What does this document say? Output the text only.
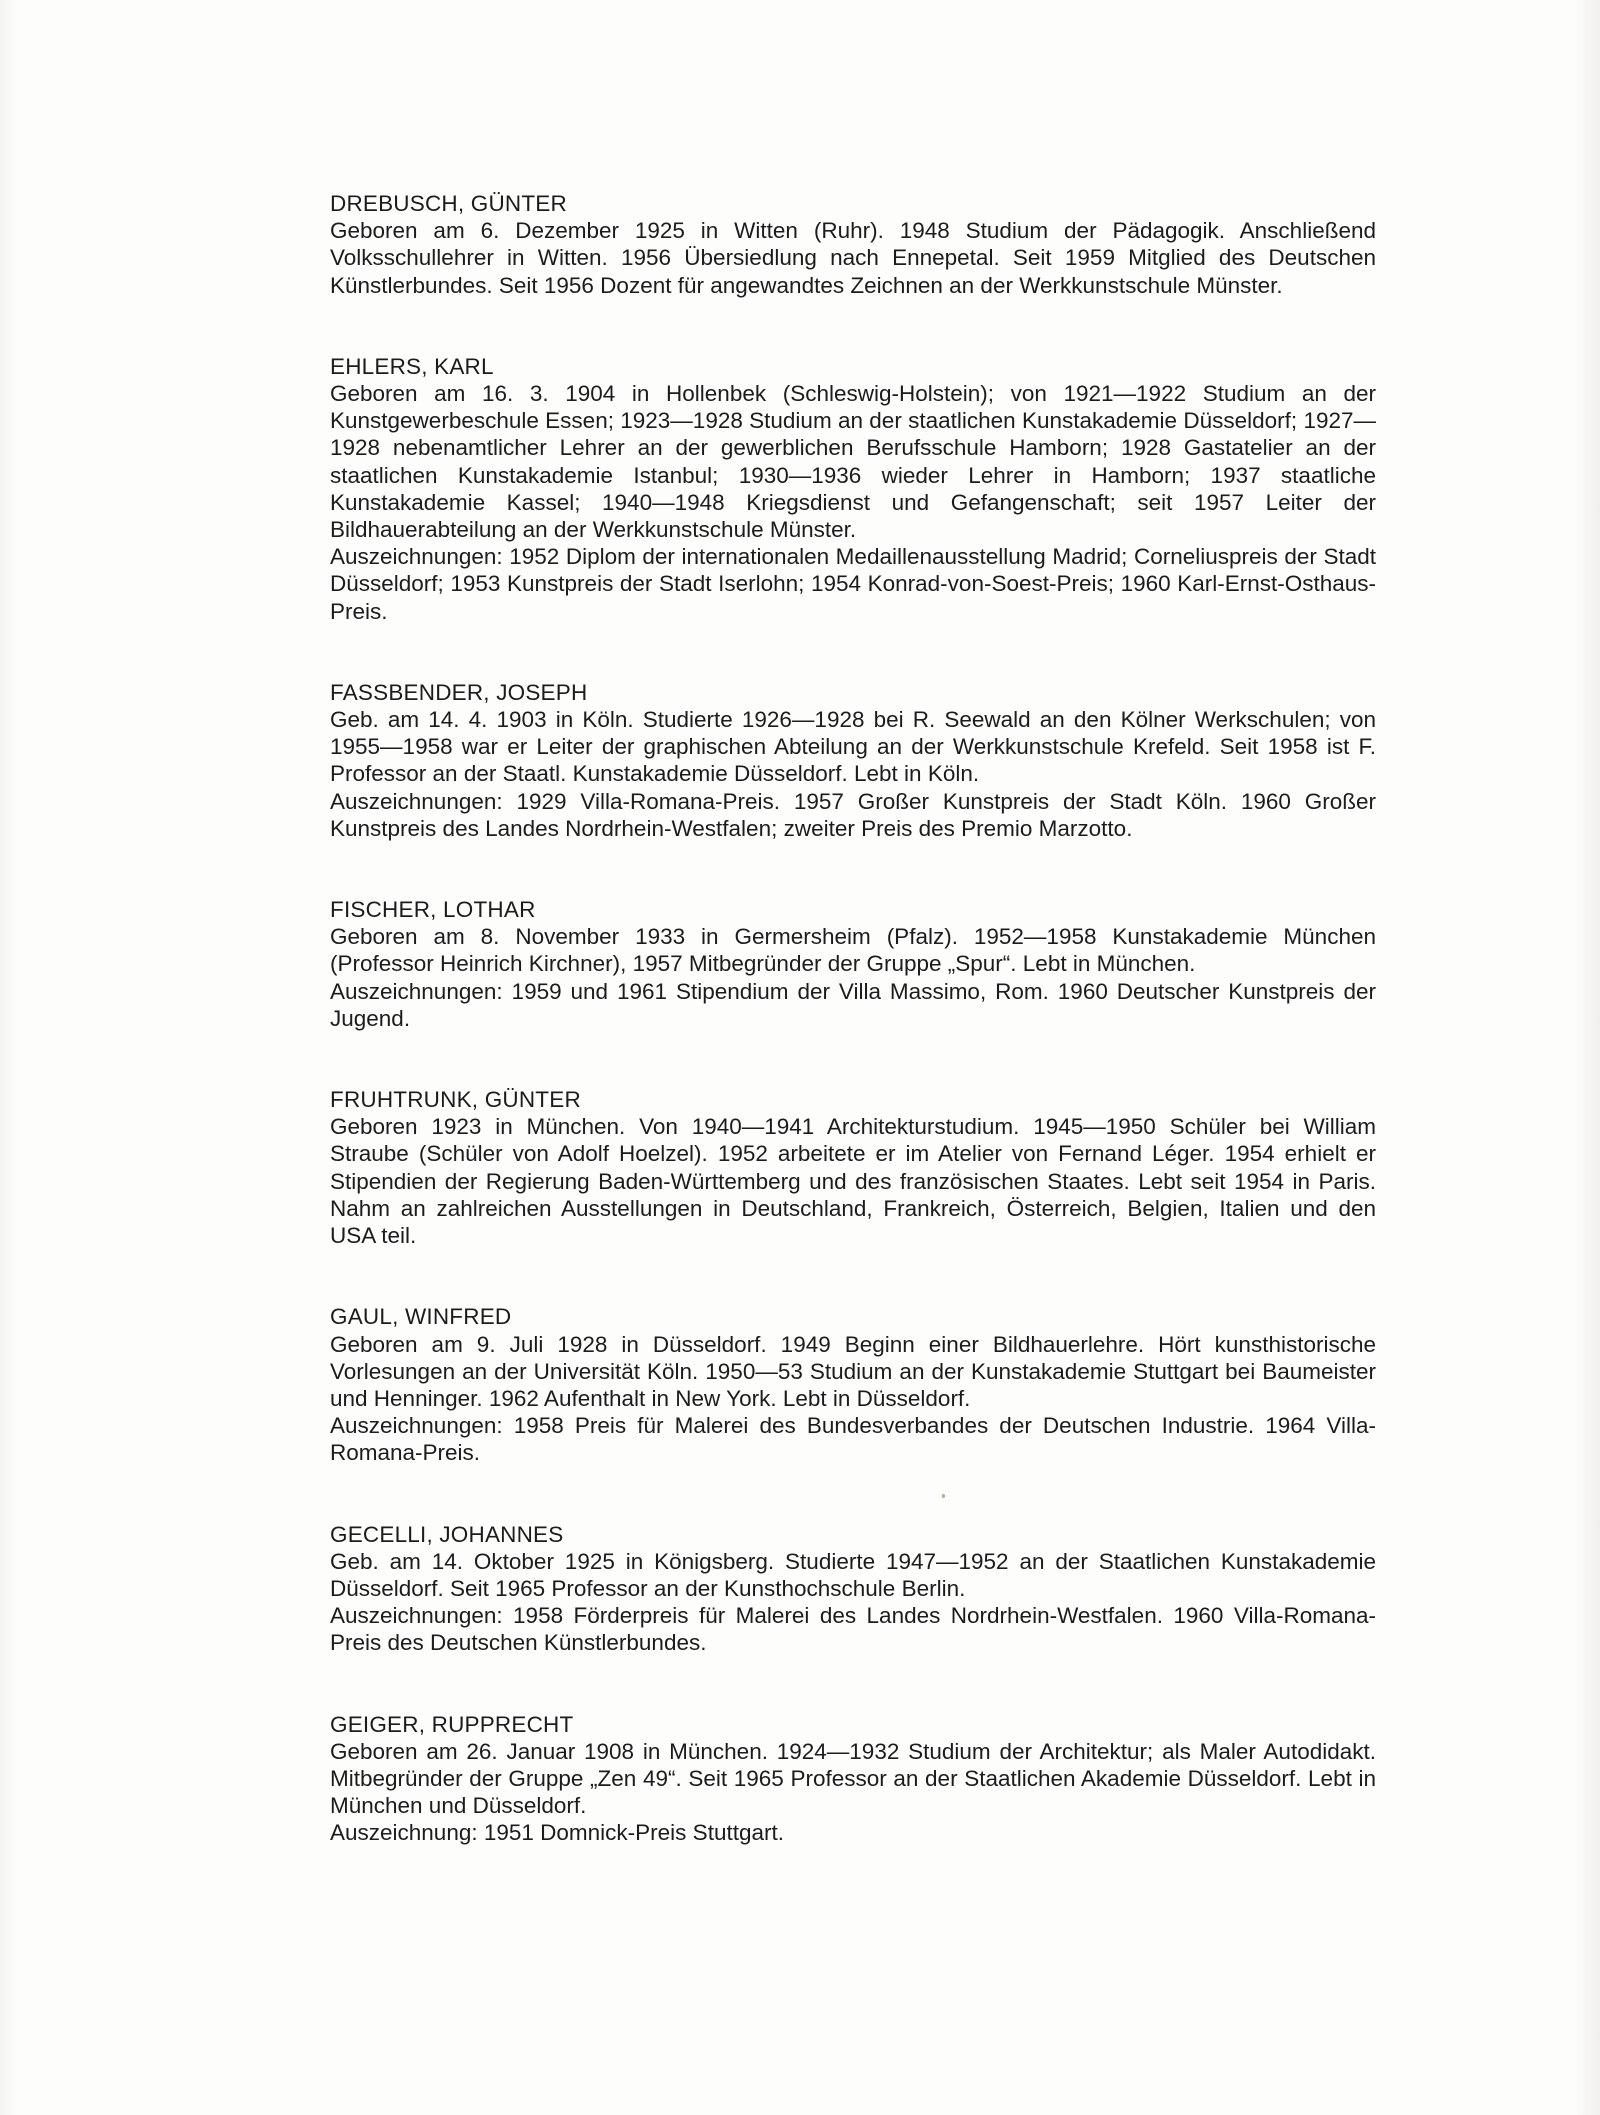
DREBUSCH, GÜNTER
Geboren am 6. Dezember 1925 in Witten (Ruhr). 1948 Studium der Pädagogik. Anschließend Volksschullehrer in Witten. 1956 Übersiedlung nach Ennepetal. Seit 1959 Mitglied des Deutschen Künstlerbundes. Seit 1956 Dozent für angewandtes Zeichnen an der Werkkunstschule Münster.
EHLERS, KARL
Geboren am 16. 3. 1904 in Hollenbek (Schleswig-Holstein); von 1921—1922 Studium an der Kunstgewerbeschule Essen; 1923—1928 Studium an der staatlichen Kunstakademie Düsseldorf; 1927—1928 nebenamtlicher Lehrer an der gewerblichen Berufsschule Hamborn; 1928 Gastatelier an der staatlichen Kunstakademie Istanbul; 1930—1936 wieder Lehrer in Hamborn; 1937 staatliche Kunstakademie Kassel; 1940—1948 Kriegsdienst und Gefangenschaft; seit 1957 Leiter der Bildhauerabteilung an der Werkkunstschule Münster.
Auszeichnungen: 1952 Diplom der internationalen Medaillenausstellung Madrid; Corneliuspreis der Stadt Düsseldorf; 1953 Kunstpreis der Stadt Iserlohn; 1954 Konrad-von-Soest-Preis; 1960 Karl-Ernst-Osthaus-Preis.
FASSBENDER, JOSEPH
Geb. am 14. 4. 1903 in Köln. Studierte 1926—1928 bei R. Seewald an den Kölner Werkschulen; von 1955—1958 war er Leiter der graphischen Abteilung an der Werkkunstschule Krefeld. Seit 1958 ist F. Professor an der Staatl. Kunstakademie Düsseldorf. Lebt in Köln.
Auszeichnungen: 1929 Villa-Romana-Preis. 1957 Großer Kunstpreis der Stadt Köln. 1960 Großer Kunstpreis des Landes Nordrhein-Westfalen; zweiter Preis des Premio Marzotto.
FISCHER, LOTHAR
Geboren am 8. November 1933 in Germersheim (Pfalz). 1952—1958 Kunstakademie München (Professor Heinrich Kirchner), 1957 Mitbegründer der Gruppe „Spur“. Lebt in München.
Auszeichnungen: 1959 und 1961 Stipendium der Villa Massimo, Rom. 1960 Deutscher Kunstpreis der Jugend.
FRUHTRUNK, GÜNTER
Geboren 1923 in München. Von 1940—1941 Architekturstudium. 1945—1950 Schüler bei William Straube (Schüler von Adolf Hoelzel). 1952 arbeitete er im Atelier von Fernand Léger. 1954 erhielt er Stipendien der Regierung Baden-Württemberg und des französischen Staates. Lebt seit 1954 in Paris. Nahm an zahlreichen Ausstellungen in Deutschland, Frankreich, Österreich, Belgien, Italien und den USA teil.
GAUL, WINFRED
Geboren am 9. Juli 1928 in Düsseldorf. 1949 Beginn einer Bildhauerlehre. Hört kunsthistorische Vorlesungen an der Universität Köln. 1950—53 Studium an der Kunstakademie Stuttgart bei Baumeister und Henninger. 1962 Aufenthalt in New York. Lebt in Düsseldorf.
Auszeichnungen: 1958 Preis für Malerei des Bundesverbandes der Deutschen Industrie. 1964 Villa-Romana-Preis.
GECELLI, JOHANNES
Geb. am 14. Oktober 1925 in Königsberg. Studierte 1947—1952 an der Staatlichen Kunstakademie Düsseldorf. Seit 1965 Professor an der Kunsthochschule Berlin.
Auszeichnungen: 1958 Förderpreis für Malerei des Landes Nordrhein-Westfalen. 1960 Villa-Romana-Preis des Deutschen Künstlerbundes.
GEIGER, RUPPRECHT
Geboren am 26. Januar 1908 in München. 1924—1932 Studium der Architektur; als Maler Autodidakt. Mitbegründer der Gruppe „Zen 49“. Seit 1965 Professor an der Staatlichen Akademie Düsseldorf. Lebt in München und Düsseldorf.
Auszeichnung: 1951 Domnick-Preis Stuttgart.
